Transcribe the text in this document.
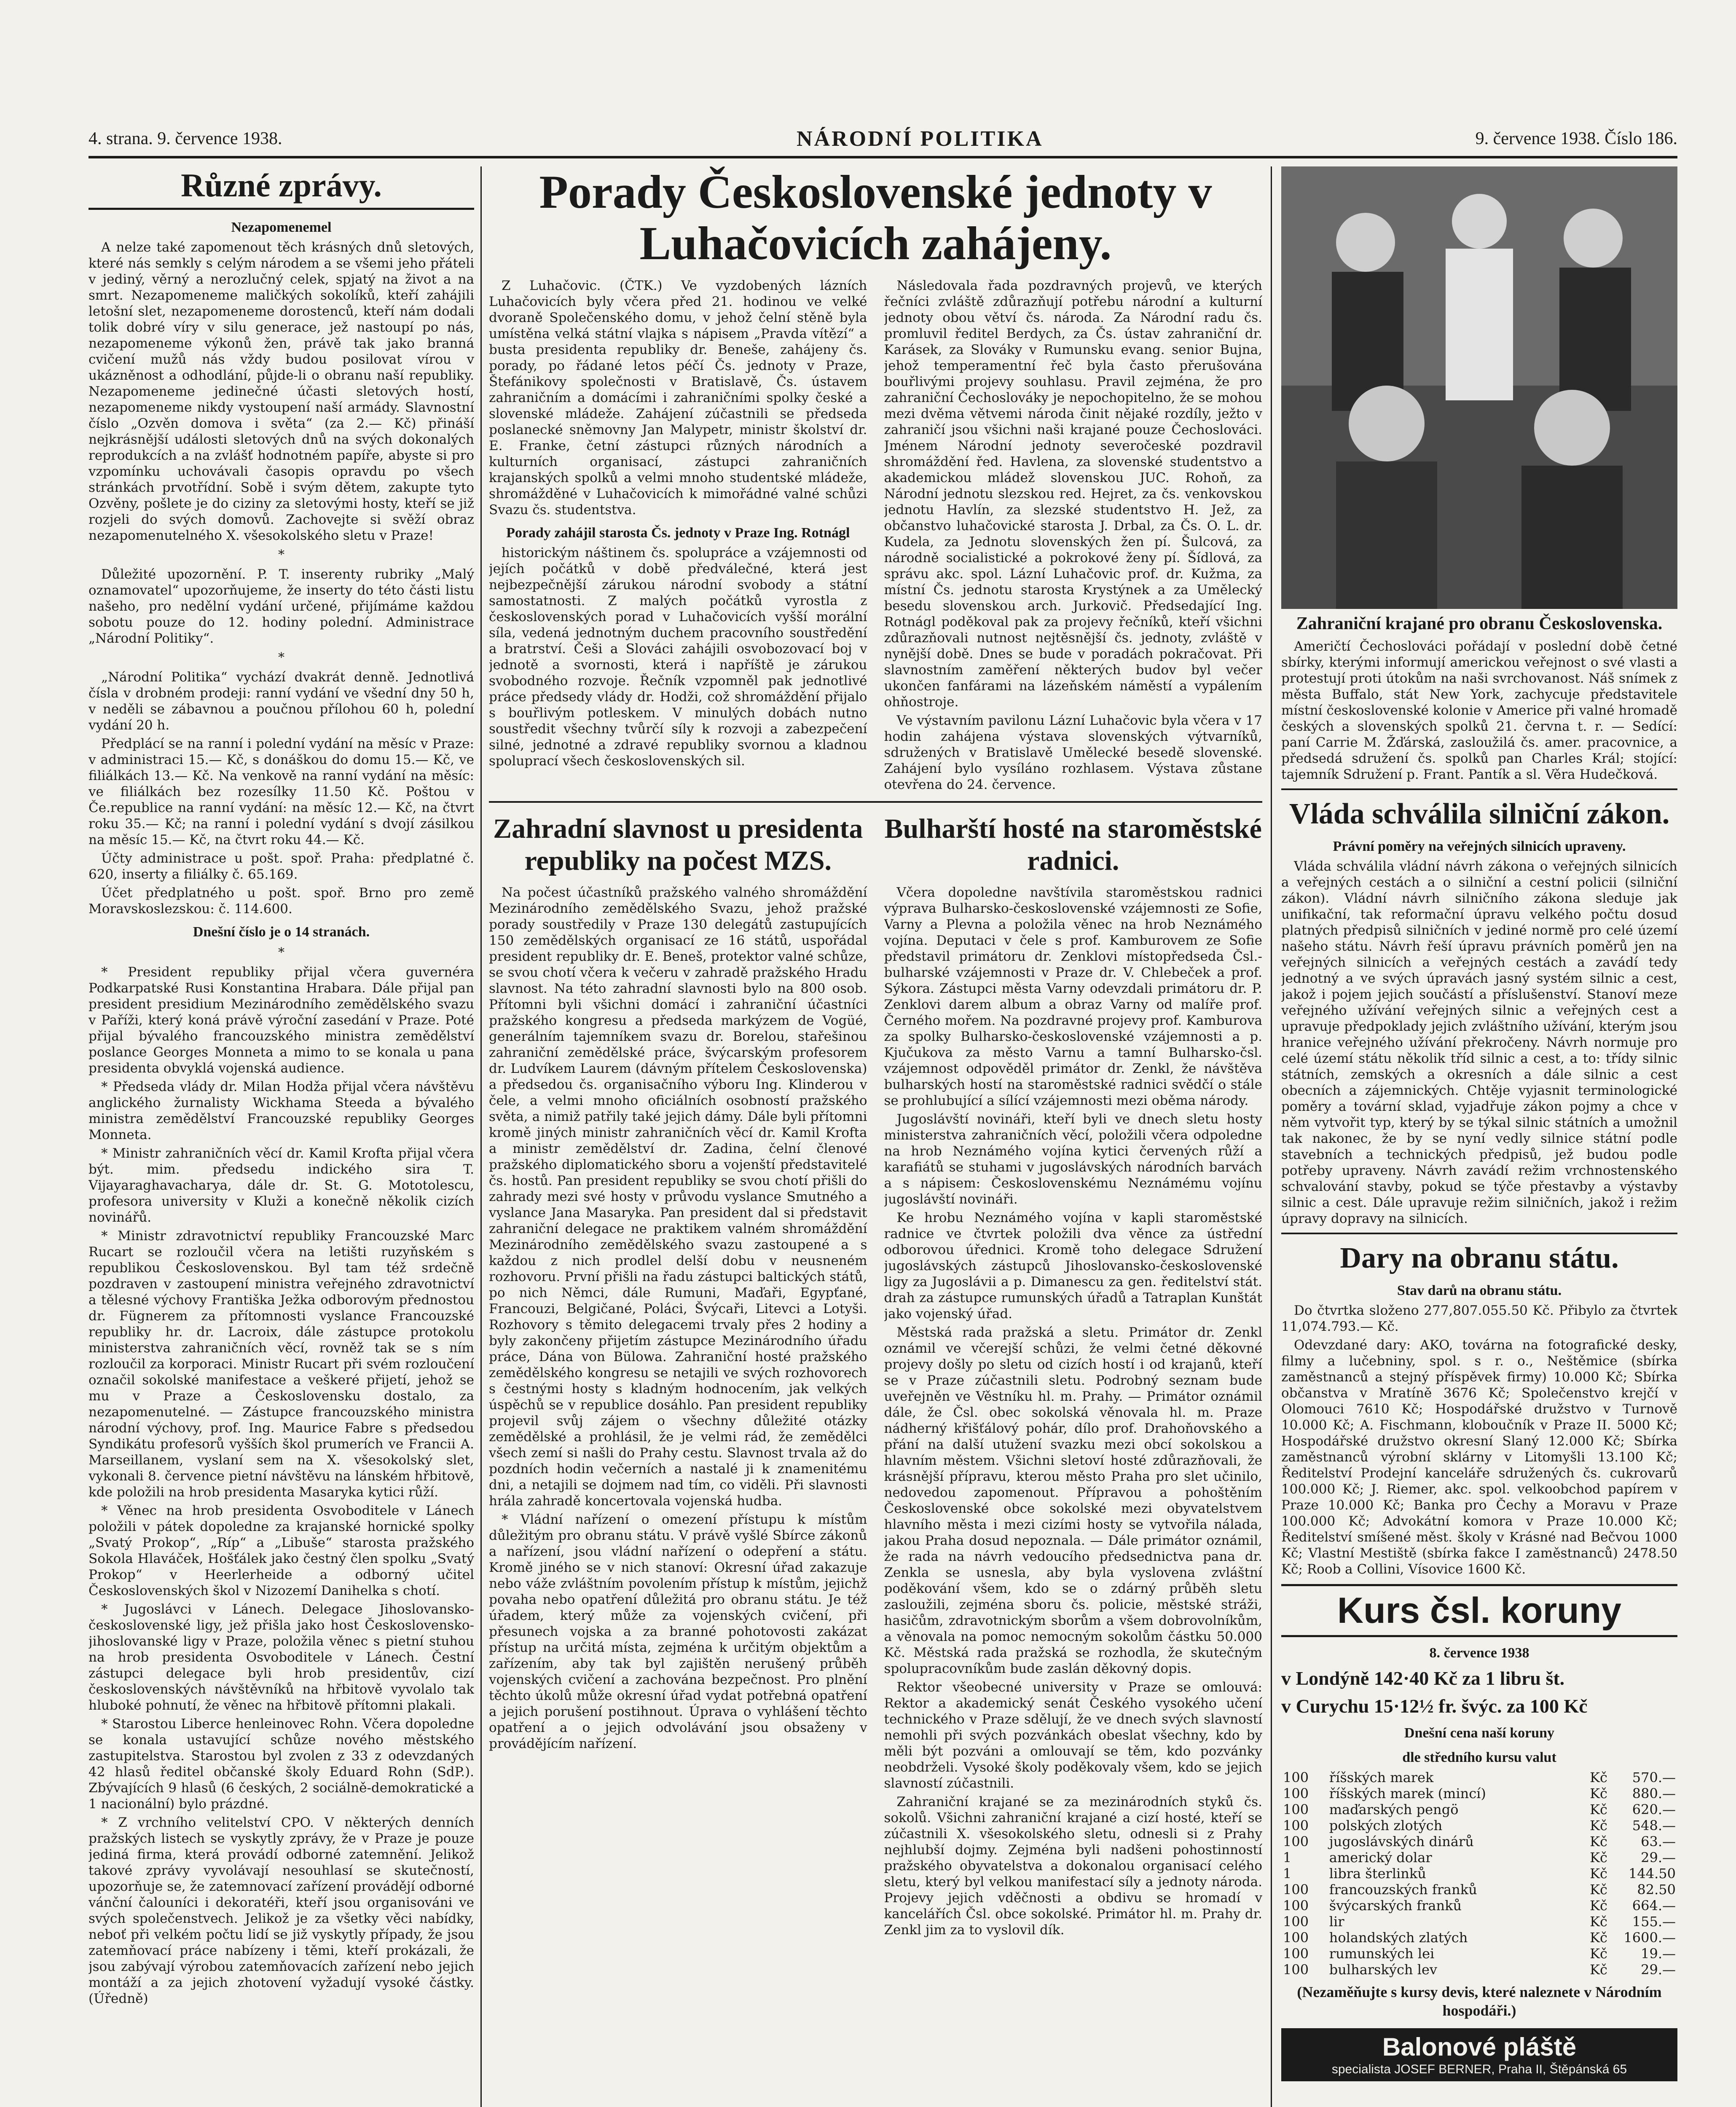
4. strana. 9. července 1938.	NÁRODNÍ POLITIKA	9. července 1938. Číslo 186.
Různé zprávy.
Nezapomenemel

A nelze také zapomenout těch krásných dnů sletových, které nás semkly s celým národem a se všemi jeho přáteli v jediný, věrný a nerozlučný celek, spjatý na život a na smrt. Nezapomeneme maličkých sokolíků, kteří zahájili letošní slet, nezapomeneme dorostenců, kteří nám dodali tolik dobré víry v silu generace, jež nastoupí po nás, nezapomeneme výkonů žen, právě tak jako branná cvičení mužů nás vždy budou posilovat vírou v ukázněnost a odhodlání, půjde-li o obranu naší republiky. Nezapomeneme jedinečné účasti sletových hostí, nezapomeneme nikdy vystoupení naší armády. Slavnostní číslo „Ozvěn domova i světa“ (za 2.— Kč) přináší nejkrásnější události sletových dnů na svých dokonalých reprodukcích a na zvlášť hodnotném papíře, abyste si pro vzpomínku uchovávali časopis opravdu po všech stránkách prvotřídní. Sobě i svým dětem, zakupte tyto Ozvěny, pošlete je do ciziny za sletovými hosty, kteří se již rozjeli do svých domovů. Zachovejte si svěží obraz nezapomenutelného X. všesokolského sletu v Praze!

*

Důležité upozornění. P. T. inserenty rubriky „Malý oznamovatel“ upozorňujeme, že inserty do této části listu našeho, pro nedělní vydání určené, přijímáme každou sobotu pouze do 12. hodiny polední. Administrace „Národní Politiky“.

*

„Národní Politika“ vychází dvakrát denně. Jednotlivá čísla v drobném prodeji: ranní vydání ve všední dny 50 h, v neděli se zábavnou a poučnou přílohou 60 h, polední vydání 20 h.

Předplácí se na ranní i polední vydání na měsíc v Praze: v administraci 15.— Kč, s donáškou do domu 15.— Kč, ve filiálkách 13.— Kč. Na venkově na ranní vydání na měsíc: ve filiálkách bez rozesílky 11.50 Kč. Poštou v Če.republice na ranní vydání: na měsíc 12.— Kč, na čtvrt roku 35.— Kč; na ranní i polední vydání s dvojí zásilkou na měsíc 15.— Kč, na čtvrt roku 44.— Kč.

Účty administrace u pošt. spoř. Praha: předplatné č. 620, inserty a filiálky č. 65.169.

Účet předplatného u pošt. spoř. Brno pro země Moravskoslezskou: č. 114.600.

Dnešní číslo je o 14 stranách.
*

* President republiky přijal včera guvernéra Podkarpatské Rusi Konstantina Hrabara. Dále přijal pan president presidium Mezinárodního zemědělského svazu v Paříži, který koná právě výroční zasedání v Praze. Poté přijal bývalého francouzského ministra zemědělství poslance Georges Monneta a mimo to se konala u pana presidenta obvyklá vojenská audience.

* Předseda vlády dr. Milan Hodža přijal včera návštěvu anglického žurnalisty Wickhama Steeda a bývalého ministra zemědělství Francouzské republiky Georges Monneta.

* Ministr zahraničních věcí dr. Kamil Krofta přijal včera být. mim. předsedu indického sira T. Vijayaraghavacharya, dále dr. St. G. Mototolescu, profesora university v Kluži a konečně několik cizích novinářů.

* Ministr zdravotnictví republiky Francouzské Marc Rucart se rozloučil včera na letišti ruzyňském s republikou Československou. Byl tam též srdečně pozdraven v zastoupení ministra veřejného zdravotnictví a tělesné výchovy Františka Ježka odborovým přednostou dr. Fügnerem za přítomnosti vyslance Francouzské republiky hr. dr. Lacroix, dále zástupce protokolu ministerstva zahraničních věcí, rovněž tak se s ním rozloučil za korporaci. Ministr Rucart při svém rozloučení označil sokolské manifestace a veškeré přijetí, jehož se mu v Praze a Československu dostalo, za nezapomenutelné. — Zástupce francouzského ministra národní výchovy, prof. Ing. Maurice Fabre s předsedou Syndikátu profesorů vyšších škol prumerích ve Francii A. Marseillanem, vyslaní sem na X. všesokolský slet, vykonali 8. července pietní návštěvu na lánském hřbitově, kde položili na hrob presidenta Masaryka kytici růží.

* Věnec na hrob presidenta Osvoboditele v Lánech položili v pátek dopoledne za krajanské hornické spolky „Svatý Prokop“, „Ríp“ a „Libuše“ starosta pražského Sokola Hlaváček, Hošťálek jako čestný člen spolku „Svatý Prokop“ v Heerlerheide a odborný učitel Československých škol v Nizozemí Danihelka s chotí.

* Jugoslávci v Lánech. Delegace Jihoslovansko-československé ligy, jež přišla jako host Československo-jihoslovanské ligy v Praze, položila věnec s pietní stuhou na hrob presidenta Osvoboditele v Lánech. Čestní zástupci delegace byli hrob presidentův, cizí československých návštěvníků na hřbitově vyvolalo tak hluboké pohnutí, že věnec na hřbitově přítomni plakali.

* Starostou Liberce henleinovec Rohn. Včera dopoledne se konala ustavující schůze nového městského zastupitelstva. Starostou byl zvolen z 33 z odevzdaných 42 hlasů ředitel občanské školy Eduard Rohn (SdP.). Zbývajících 9 hlasů (6 českých, 2 sociálně-demokratické a 1 nacionální) bylo prázdné.

* Z vrchního velitelství CPO. V některých denních pražských listech se vyskytly zprávy, že v Praze je pouze jediná firma, která provádí odborné zatemnění. Jelikož takové zprávy vyvolávají nesouhlasí se skutečností, upozorňuje se, že zatemnovací zařízení provádějí odborné vánční čalouníci i dekoratéři, kteří jsou organisováni ve svých společenstvech. Jelikož je za všetky věci nabídky, neboť při velkém počtu lidí se již vyskytly případy, že jsou zatemňovací práce nabízeny i těmi, kteří prokázali, že jsou zabývají výrobou zatemňovacích zařízení nebo jejich montáží a za jejich zhotovení vyžadují vysoké částky. (Úředně)

Porady Československé jednoty v Luhačovicích zahájeny.

Z Luhačovic. (ČTK.) Ve vyzdobených lázních Luhačovicích byly včera před 21. hodinou ve velké dvoraně Společenského domu, v jehož čelní stěně byla umístěna velká státní vlajka s nápisem „Pravda vítězí“ a busta presidenta republiky dr. Beneše, zahájeny čs. porady, po řádané letos péčí Čs. jednoty v Praze, Štefánikovy společnosti v Bratislavě, Čs. ústavem zahraničním a domácími i zahraničními spolky české a slovenské mládeže. Zahájení zúčastnili se předseda poslanecké sněmovny Jan Malypetr, ministr školství dr. E. Franke, četní zástupci různých národních a kulturních organisací, zástupci zahraničních krajanských spolků a velmi mnoho studentské mládeže, shromážděné v Luhačovicích k mimořádné valné schůzi Svazu čs. studentstva.

Porady zahájil starosta Čs. jednoty v Praze Ing. Rotnágl

historickým náštinem čs. spolupráce a vzájemnosti od jejích počátků v době předválečné, která jest nejbezpečnější zárukou národní svobody a státní samostatnosti. Z malých počátků vyrostla z československých porad v Luhačovicích vyšší morální síla, vedená jednotným duchem pracovního soustředění a bratrství. Češi a Slováci zahájili osvobozovací boj v jednotě a svornosti, která i napříště je zárukou svobodného rozvoje. Řečník vzpomněl pak jednotlivé práce předsedy vlády dr. Hodži, což shromáždění přijalo s bouřlivým potleskem. V minulých dobách nutno soustředit všechny tvůrčí síly k rozvoji a zabezpečení silné, jednotné a zdravé republiky svornou a kladnou spoluprací všech československých sil.

Následovala řada pozdravných projevů, ve kterých řečníci zvláště zdůrazňují potřebu národní a kulturní jednoty obou větví čs. národa. Za Národní radu čs. promluvil ředitel Berdych, za Čs. ústav zahraniční dr. Karásek, za Slováky v Rumunsku evang. senior Bujna, jehož temperamentní řeč byla často přerušována bouřlivými projevy souhlasu. Pravil zejména, že pro zahraniční Čechoslováky je nepochopitelno, že se mohou mezi dvěma větvemi národa činit nějaké rozdíly, ježto v zahraničí jsou všichni naši krajané pouze Čechoslováci. Jménem Národní jednoty severočeské pozdravil shromáždění řed. Havlena, za slovenské studentstvo a akademickou mládež slovenskou JUC. Rohoň, za Národní jednotu slezskou red. Hejret, za čs. venkovskou jednotu Havlín, za slezské studentstvo H. Jež, za občanstvo luhačovické starosta J. Drbal, za Čs. O. L. dr. Kudela, za Jednotu slovenských žen pí. Šulcová, za národně socialistické a pokrokové ženy pí. Šídlová, za správu akc. spol. Lázní Luhačovic prof. dr. Kužma, za místní Čs. jednotu starosta Krystýnek a za Umělecký besedu slovenskou arch. Jurkovič. Předsedající Ing. Rotnágl poděkoval pak za projevy řečníků, kteří všichni zdůrazňovali nutnost nejtěsnější čs. jednoty, zvláště v nynější době. Dnes se bude v poradách pokračovat. Při slavnostním zaměření některých budov byl večer ukončen fanfárami na lázeňském náměstí a vypálením ohňostroje.

Ve výstavním pavilonu Lázní Luhačovic byla včera v 17 hodin zahájena výstava slovenských výtvarníků, sdružených v Bratislavě Umělecké besedě slovenské. Zahájení bylo vysíláno rozhlasem. Výstava zůstane otevřena do 24. července.

Zahradní slavnost u presidenta republiky na počest MZS.

Na počest účastníků pražského valného shromáždění Mezinárodního zemědělského Svazu, jehož pražské porady soustředily v Praze 130 delegátů zastupujících 150 zemědělských organisací ze 16 států, uspořádal president republiky dr. E. Beneš, protektor valné schůze, se svou chotí včera k večeru v zahradě pražského Hradu slavnost. Na této zahradní slavnosti bylo na 800 osob. Přítomni byli všichni domácí i zahraniční účastníci pražského kongresu a předseda markýzem de Vogüé, generálním tajemníkem svazu dr. Borelou, stařešinou zahraniční zemědělské práce, švýcarským profesorem dr. Ludvíkem Laurem (dávným přítelem Československa) a předsedou čs. organisačního výboru Ing. Klinderou v čele, a velmi mnoho oficiálních osobností pražského světa, a nimiž patřily také jejich dámy. Dále byli přítomni kromě jiných ministr zahraničních věcí dr. Kamil Krofta a ministr zemědělství dr. Zadina, čelní členové pražského diplomatického sboru a vojenští představitelé čs. hostů. Pan president republiky se svou chotí přišli do zahrady mezi své hosty v průvodu vyslance Smutného a vyslance Jana Masaryka. Pan president dal si představit zahraniční delegace ne praktikem valném shromáždění Mezinárodního zemědělského svazu zastoupené a s každou z nich prodlel delší dobu v neusneném rozhovoru. První přišli na řadu zástupci baltických států, po nich Němci, dále Rumuni, Maďaři, Egypťané, Francouzi, Belgičané, Poláci, Švýcaři, Litevci a Lotyši. Rozhovory s těmito delegacemi trvaly přes 2 hodiny a byly zakončeny přijetím zástupce Mezinárodního úřadu práce, Dána von Bülowa. Zahraniční hosté pražského zemědělského kongresu se netajili ve svých rozhovorech s čestnými hosty s kladným hodnocením, jak velkých úspěchů se v republice dosáhlo. Pan president republiky projevil svůj zájem o všechny důležité otázky zemědělské a prohlásil, že je velmi rád, že zemědělci všech zemí si našli do Prahy cestu. Slavnost trvala až do pozdních hodin večerních a nastalé ji k znamenitému dni, a netajili se dojmem nad tím, co viděli. Při slavnosti hrála zahradě koncertovala vojenská hudba.

* Vládní nařízení o omezení přístupu k místům důležitým pro obranu státu. V právě vyšlé Sbírce zákonů a nařízení, jsou vládní nařízení o odepření a státu. Kromě jiného se v nich stanoví: Okresní úřad zakazuje nebo váže zvláštním povolením přístup k místům, jejichž povaha nebo opatření důležitá pro obranu státu. Je též úřadem, který může za vojenských cvičení, při přesunech vojska a za branné pohotovosti zakázat přístup na určitá místa, zejména k určitým objektům a zařízením, aby tak byl zajištěn nerušený průběh vojenských cvičení a zachována bezpečnost. Pro plnění těchto úkolů může okresní úřad vydat potřebná opatření a jejich porušení postihnout. Úprava o vyhlášení těchto opatření a o jejich odvolávání jsou obsaženy v provádějícím nařízení.

Bulharští hosté na staroměstské radnici.

Včera dopoledne navštívila staroměstskou radnici výprava Bulharsko-československé vzájemnosti ze Sofie, Varny a Plevna a položila věnec na hrob Neznámého vojína. Deputaci v čele s prof. Kamburovem ze Sofie představil primátoru dr. Zenklovi místopředseda Čsl.-bulharské vzájemnosti v Praze dr. V. Chlebeček a prof. Sýkora. Zástupci města Varny odevzdali primátoru dr. P. Zenklovi darem album a obraz Varny od malíře prof. Černého mořem. Na pozdravné projevy prof. Kamburova za spolky Bulharsko-československé vzájemnosti a p. Kjučukova za město Varnu a tamní Bulharsko-čsl. vzájemnost odpověděl primátor dr. Zenkl, že návštěva bulharských hostí na staroměstské radnici svědčí o stále se prohlubující a sílící vzájemnosti mezi oběma národy.

Jugoslávští novináři, kteří byli ve dnech sletu hosty ministerstva zahraničních věcí, položili včera odpoledne na hrob Neznámého vojína kytici červených růží a karafiátů se stuhami v jugoslávských národních barvách a s nápisem: Československému Neznámému vojínu jugoslávští novináři.

Ke hrobu Neznámého vojína v kapli staroměstské radnice ve čtvrtek položili dva věnce za ústřední odborovou úřednici. Kromě toho delegace Sdružení jugoslávských zástupců Jihoslovansko-československé ligy za Jugoslávii a p. Dimanescu za gen. ředitelství stát. drah za zástupce rumunských úřadů a Tatraplan Kunštát jako vojenský úřad.

Městská rada pražská a sletu. Primátor dr. Zenkl oznámil ve včerejší schůzi, že velmi četné děkovné projevy došly po sletu od cizích hostí i od krajanů, kteří se v Praze zúčastnili sletu. Podrobný seznam bude uveřejněn ve Věstníku hl. m. Prahy. — Primátor oznámil dále, že Čsl. obec sokolská věnovala hl. m. Praze nádherný křišťálový pohár, dílo prof. Drahoňovského a přání na další utužení svazku mezi obcí sokolskou a hlavním městem. Všichni sletoví hosté zdůrazňovali, že krásnější přípravu, kterou město Praha pro slet učinilo, nedovedou zapomenout. Přípravou a pohoštěním Československé obce sokolské mezi obyvatelstvem hlavního města i mezi cizími hosty se vytvořila nálada, jakou Praha dosud nepoznala. — Dále primátor oznámil, že rada na návrh vedoucího předsednictva pana dr. Zenkla se usnesla, aby byla vyslovena zvláštní poděkování všem, kdo se o zdárný průběh sletu zasloužili, zejména sboru čs. policie, městské stráži, hasičům, zdravotnickým sborům a všem dobrovolníkům, a věnovala na pomoc nemocným sokolům částku 50.000 Kč. Městská rada pražská se rozhodla, že skutečným spolupracovníkům bude zaslán děkovný dopis.

Rektor všeobecné university v Praze se omlouvá: Rektor a akademický senát Českého vysokého učení technického v Praze sdělují, že ve dnech svých slavností nemohli při svých pozvánkách obeslat všechny, kdo by měli být pozváni a omlouvají se těm, kdo pozvánky neobdrželi. Vysoké školy poděkovaly všem, kdo se jejich slavností zúčastnili.

Zahraniční krajané se za mezinárodních styků čs. sokolů. Všichni zahraniční krajané a cizí hosté, kteří se zúčastnili X. všesokolského sletu, odnesli si z Prahy nejhlubší dojmy. Zejména byli nadšeni pohostinností pražského obyvatelstva a dokonalou organisací celého sletu, který byl velkou manifestací síly a jednoty národa. Projevy jejich vděčnosti a obdivu se hromadí v kancelářích Čsl. obce sokolské. Primátor hl. m. Prahy dr. Zenkl jim za to vyslovil dík.

Zahraniční krajané pro obranu Československa.

Američtí Čechoslováci pořádají v poslední době četné sbírky, kterými informují americkou veřejnost o své vlasti a protestují proti útokům na naši svrchovanost. Náš snímek z města Buffalo, stát New York, zachycuje představitele místní československé kolonie v Americe při valné hromadě českých a slovenských spolků 21. června t. r. — Sedící: paní Carrie M. Žďárská, zasloužilá čs. amer. pracovnice, a předsedá sdružení čs. spolků pan Charles Král; stojící: tajemník Sdružení p. Frant. Pantík a sl. Věra Hudečková.

Vláda schválila silniční zákon.
Právní poměry na veřejných silnicích upraveny.

Vláda schválila vládní návrh zákona o veřejných silnicích a veřejných cestách a o silniční a cestní policii (silniční zákon). Vládní návrh silničního zákona sleduje jak unifikační, tak reformační úpravu velkého počtu dosud platných předpisů silničních v jediné normě pro celé území našeho státu. Návrh řeší úpravu právních poměrů jen na veřejných silnicích a veřejných cestách a zavádí tedy jednotný a ve svých úpravách jasný systém silnic a cest, jakož i pojem jejich součástí a příslušenství. Stanoví meze veřejného užívání veřejných silnic a veřejných cest a upravuje předpoklady jejich zvláštního užívání, kterým jsou hranice veřejného užívání překročeny. Návrh normuje pro celé území státu několik tříd silnic a cest, a to: třídy silnic státních, zemských a okresních a dále silnic a cest obecních a zájemnických. Chtěje vyjasnit terminologické poměry a tovární sklad, vyjadřuje zákon pojmy a chce v něm vytvořit typ, který by se týkal silnic státních a umožnil tak nakonec, že by se nyní vedly silnice státní podle stavebních a technických předpisů, jež budou podle potřeby upraveny. Návrh zavádí režim vrchnostenského schvalování stavby, pokud se týče přestavby a výstavby silnic a cest. Dále upravuje režim silničních, jakož i režim úpravy dopravy na silnicích.

Dary na obranu státu.
Stav darů na obranu státu.

Do čtvrtka složeno 277,807.055.50 Kč. Přibylo za čtvrtek 11,074.793.— Kč.

Odevzdané dary: AKO, továrna na fotografické desky, filmy a lučebniny, spol. s r. o., Neštěmice (sbírka zaměstnanců a stejný příspěvek firmy) 10.000 Kč; Sbírka občanstva v Mratíně 3676 Kč; Společenstvo krejčí v Olomouci 7610 Kč; Hospodářské družstvo v Turnově 10.000 Kč; A. Fischmann, kloboučník v Praze II. 5000 Kč; Hospodářské družstvo okresní Slaný 12.000 Kč; Sbírka zaměstnanců výrobní sklárny v Litomyšli 13.100 Kč; Ředitelství Prodejní kanceláře sdružených čs. cukrovarů 100.000 Kč; J. Riemer, akc. spol. velkoobchod papírem v Praze 10.000 Kč; Banka pro Čechy a Moravu v Praze 100.000 Kč; Advokátní komora v Praze 10.000 Kč; Ředitelství smíšené měst. školy v Krásné nad Bečvou 1000 Kč; Vlastní Mestiště (sbírka fakce I zaměstnanců) 2478.50 Kč; Roob a Collini, Vísovice 1600 Kč.

Kurs čsl. koruny
8. července 1938
v Londýně 142·40 Kč za 1 libru št.
v Curychu 15·12½ fr. švýc. za 100 Kč
Dnešní cena naší koruny
dle středního kursu valut
100	říšských marek	Kč	570.—
100	říšských marek (mincí)	Kč	880.—
100	maďarských pengö	Kč	620.—
100	polských zlotých	Kč	548.—
100	jugoslávských dinárů	Kč	63.—
1	americký dolar	Kč	29.—
1	libra šterlinků	Kč	144.50
100	francouzských franků	Kč	82.50
100	švýcarských franků	Kč	664.—
100	lir	Kč	155.—
100	holandských zlatých	Kč	1600.—
100	rumunských lei	Kč	19.—
100	bulharských lev	Kč	29.—
(Nezaměňujte s kursy devis, které naleznete v Národním hospodáři.)
Balonové pláště
specialista JOSEF BERNER, Praha II, Štěpánská 65
